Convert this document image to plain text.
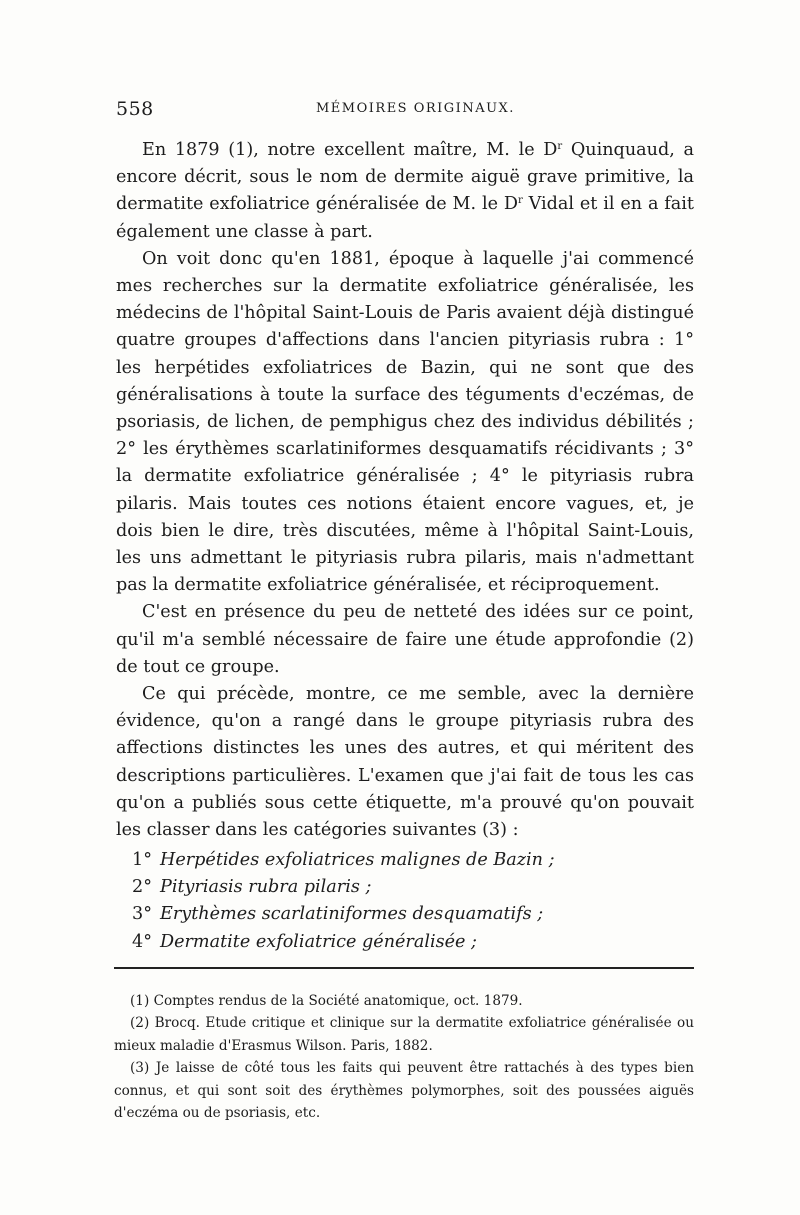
558	MÉMOIRES ORIGINAUX.

En 1879 (1), notre excellent maître, M. le $D^r$ Quinquaud, a encore décrit, sous le nom de dermite aiguë grave primitive, la dermatite exfoliatrice généralisée de M. le $D^r$ Vidal et il en a fait également une classe à part.

On voit donc qu'en 1881, époque à laquelle j'ai commencé mes recherches sur la dermatite exfoliatrice généralisée, les médecins de l'hôpital Saint-Louis de Paris avaient déjà distingué quatre groupes d'affections dans l'ancien pityriasis rubra : 1° les herpétides exfoliatrices de Bazin, qui ne sont que des généralisations à toute la surface des téguments d'eczémas, de psoriasis, de lichen, de pemphigus chez des individus débilités ; 2° les érythèmes scarlatiniformes desquamatifs récidivants ; 3° la dermatite exfoliatrice généralisée ; 4° le pityriasis rubra pilaris. Mais toutes ces notions étaient encore vagues, et, je dois bien le dire, très discutées, même à l'hôpital Saint-Louis, les uns admettant le pityriasis rubra pilaris, mais n'admettant pas la dermatite exfoliatrice généralisée, et réciproquement.

C'est en présence du peu de netteté des idées sur ce point, qu'il m'a semblé nécessaire de faire une étude approfondie (2) de tout ce groupe.

Ce qui précède, montre, ce me semble, avec la dernière évidence, qu'on a rangé dans le groupe pityriasis rubra des affections distinctes les unes des autres, et qui méritent des descriptions particulières. L'examen que j'ai fait de tous les cas qu'on a publiés sous cette étiquette, m'a prouvé qu'on pouvait les classer dans les catégories suivantes (3) :

1° Herpétides exfoliatrices malignes de Bazin ;
2° Pityriasis rubra pilaris ;
3° Erythèmes scarlatiniformes desquamatifs ;
4° Dermatite exfoliatrice généralisée ;

(1) Comptes rendus de la Société anatomique, oct. 1879.

(2) Brocq. Etude critique et clinique sur la dermatite exfoliatrice généralisée ou mieux maladie d'Erasmus Wilson. Paris, 1882.

(3) Je laisse de côté tous les faits qui peuvent être rattachés à des types bien connus, et qui sont soit des érythèmes polymorphes, soit des poussées aiguës d'eczéma ou de psoriasis, etc.
